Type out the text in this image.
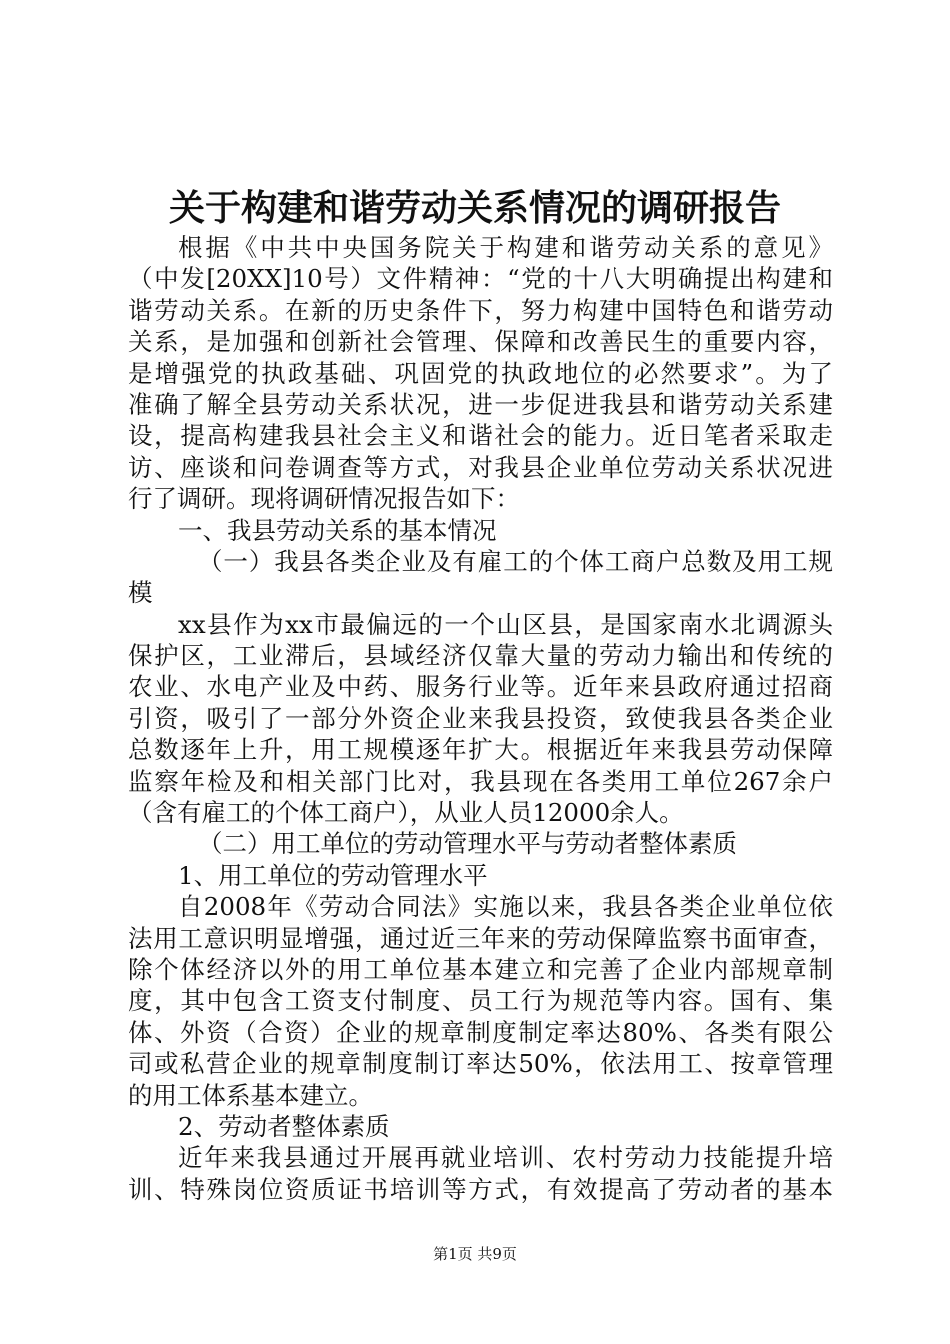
关于构建和谐劳动关系情况的调研报告
根据《中共中央国务院关于构建和谐劳动关系的意见》
（中发[20XX]10号）文件精神：“党的十八大明确提出构建和
谐劳动关系。在新的历史条件下，努力构建中国特色和谐劳动
关系，是加强和创新社会管理、保障和改善民生的重要内容，
是增强党的执政基础、巩固党的执政地位的必然要求”。为了
准确了解全县劳动关系状况，进一步促进我县和谐劳动关系建
设，提高构建我县社会主义和谐社会的能力。近日笔者采取走
访、座谈和问卷调查等方式，对我县企业单位劳动关系状况进
行了调研。现将调研情况报告如下：
一、我县劳动关系的基本情况
（一）我县各类企业及有雇工的个体工商户总数及用工规
模
xx县作为xx市最偏远的一个山区县，是国家南水北调源头
保护区，工业滞后，县域经济仅靠大量的劳动力输出和传统的
农业、水电产业及中药、服务行业等。近年来县政府通过招商
引资，吸引了一部分外资企业来我县投资，致使我县各类企业
总数逐年上升，用工规模逐年扩大。根据近年来我县劳动保障
监察年检及和相关部门比对，我县现在各类用工单位267余户
（含有雇工的个体工商户），从业人员12000余人。
（二）用工单位的劳动管理水平与劳动者整体素质
1、用工单位的劳动管理水平
自2008年《劳动合同法》实施以来，我县各类企业单位依
法用工意识明显增强，通过近三年来的劳动保障监察书面审查，
除个体经济以外的用工单位基本建立和完善了企业内部规章制
度，其中包含工资支付制度、员工行为规范等内容。国有、集
体、外资（合资）企业的规章制度制定率达80%、各类有限公
司或私营企业的规章制度制订率达50%，依法用工、按章管理
的用工体系基本建立。
2、劳动者整体素质
近年来我县通过开展再就业培训、农村劳动力技能提升培
训、特殊岗位资质证书培训等方式，有效提高了劳动者的基本
第1页 共9页
